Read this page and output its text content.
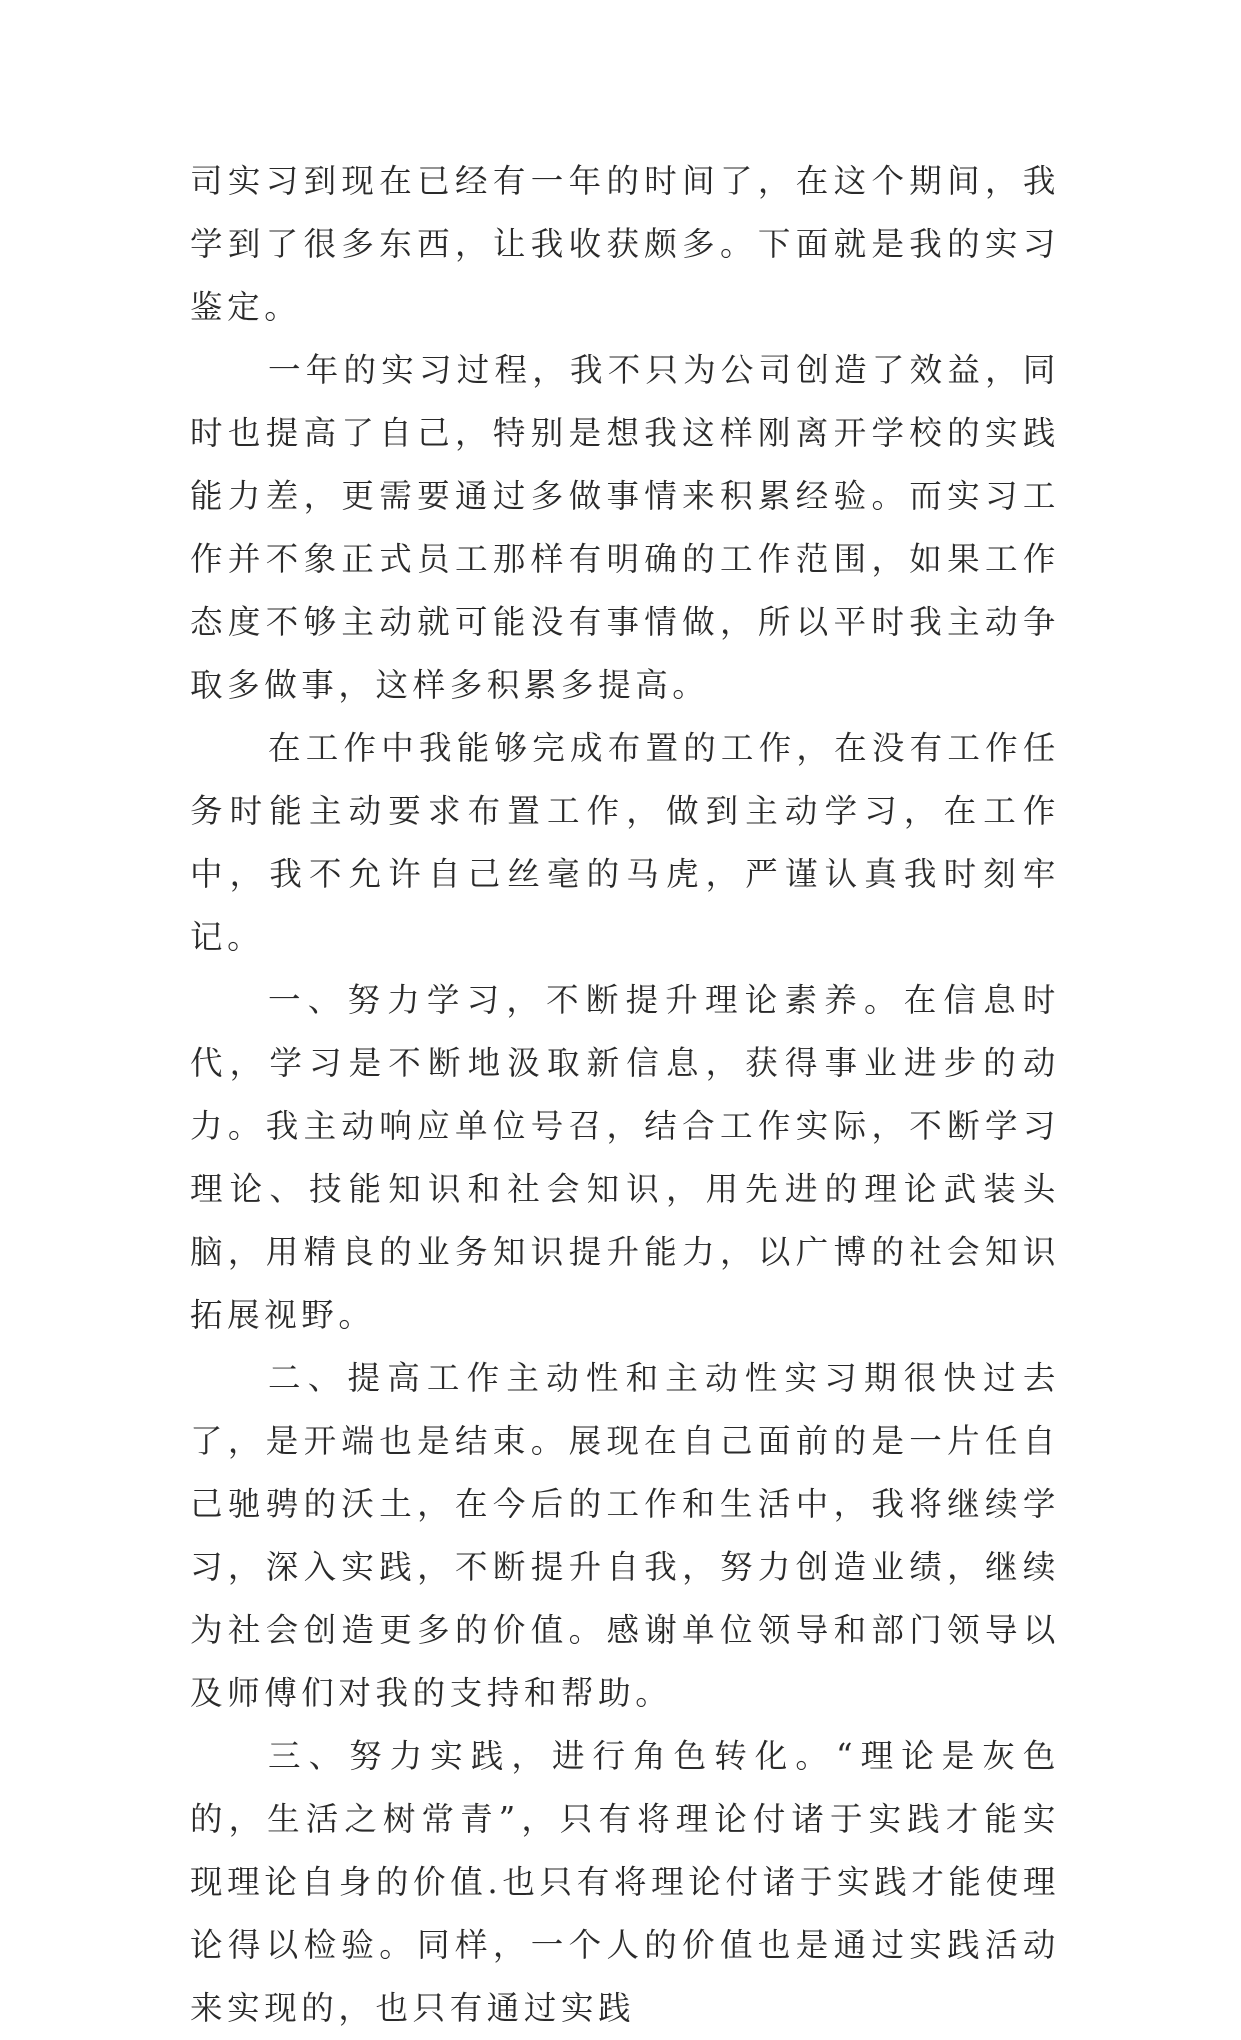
司实习到现在已经有一年的时间了，在这个期间，我学到了很多东西，让我收获颇多。下面就是我的实习鉴定。

一年的实习过程，我不只为公司创造了效益，同时也提高了自己，特别是想我这样刚离开学校的实践能力差，更需要通过多做事情来积累经验。而实习工作并不象正式员工那样有明确的工作范围，如果工作态度不够主动就可能没有事情做，所以平时我主动争取多做事，这样多积累多提高。

在工作中我能够完成布置的工作，在没有工作任务时能主动要求布置工作，做到主动学习，在工作中，我不允许自己丝毫的马虎，严谨认真我时刻牢记。

一、努力学习，不断提升理论素养。在信息时代，学习是不断地汲取新信息，获得事业进步的动力。我主动响应单位号召，结合工作实际，不断学习理论、技能知识和社会知识，用先进的理论武装头脑，用精良的业务知识提升能力，以广博的社会知识拓展视野。

二、提高工作主动性和主动性实习期很快过去了，是开端也是结束。展现在自己面前的是一片任自己驰骋的沃土，在今后的工作和生活中，我将继续学习，深入实践，不断提升自我，努力创造业绩，继续为社会创造更多的价值。感谢单位领导和部门领导以及师傅们对我的支持和帮助。

三、努力实践，进行角色转化。“理论是灰色的，生活之树常青”，只有将理论付诸于实践才能实现理论自身的价值.也只有将理论付诸于实践才能使理论得以检验。同样，一个人的价值也是通过实践活动来实现的，也只有通过实践
